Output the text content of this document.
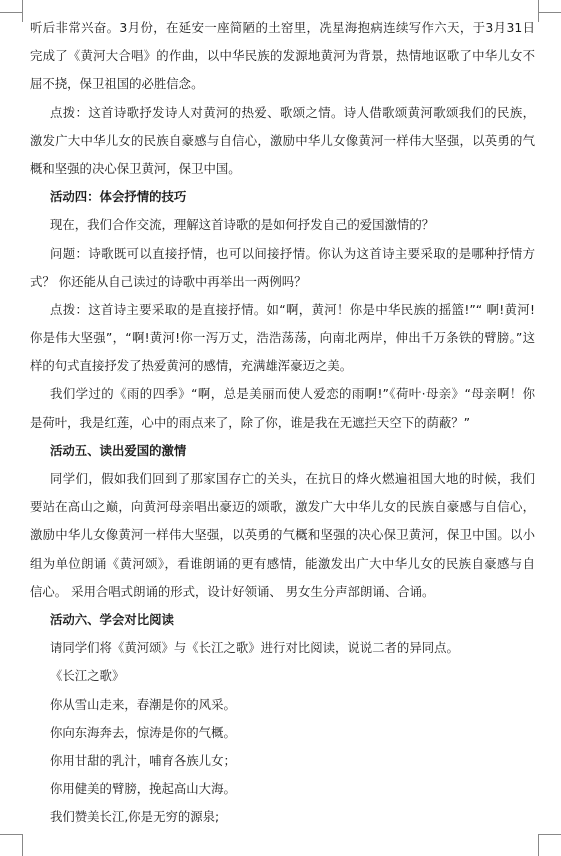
听后非常兴奋。3月份，在延安一座简陋的土窑里，冼星海抱病连续写作六天，于3月31日
完成了《黄河大合唱》的作曲，以中华民族的发源地黄河为背景，热情地讴歌了中华儿女不
屈不挠，保卫祖国的必胜信念。
点拨：这首诗歌抒发诗人对黄河的热爱、歌颂之情。诗人借歌颂黄河歌颂我们的民族，
激发广大中华儿女的民族自豪感与自信心，激励中华儿女像黄河一样伟大坚强，以英勇的气
概和坚强的决心保卫黄河，保卫中国。
活动四：体会抒情的技巧
现在，我们合作交流，理解这首诗歌的是如何抒发自己的爱国激情的？
问题：诗歌既可以直接抒情，也可以间接抒情。你认为这首诗主要采取的是哪种抒情方
式？ 你还能从自己读过的诗歌中再举出一两例吗？
点拨：这首诗主要采取的是直接抒情。如“啊，黄河！你是中华民族的摇篮!”“ 啊!黄河!
你是伟大坚强”，“啊!黄河!你一泻万丈，浩浩荡荡，向南北两岸，伸出千万条铁的臂膀。”这
样的句式直接抒发了热爱黄河的感情，充满雄浑豪迈之美。
我们学过的《雨的四季》“啊，总是美丽而使人爱恋的雨啊!”《荷叶·母亲》“母亲啊！你
是荷叶，我是红莲，心中的雨点来了，除了你，谁是我在无遮拦天空下的荫蔽？”
活动五、读出爱国的激情
同学们，假如我们回到了那家国存亡的关头，在抗日的烽火燃遍祖国大地的时候，我们
要站在高山之巅，向黄河母亲唱出豪迈的颂歌，激发广大中华儿女的民族自豪感与自信心，
激励中华儿女像黄河一样伟大坚强，以英勇的气概和坚强的决心保卫黄河，保卫中国。以小
组为单位朗诵《黄河颂》，看谁朗诵的更有感情，能激发出广大中华儿女的民族自豪感与自
信心。 采用合唱式朗诵的形式，设计好领诵、 男女生分声部朗诵、合诵。
活动六、学会对比阅读
请同学们将《黄河颂》与《长江之歌》进行对比阅读，说说二者的异同点。
《长江之歌》
你从雪山走来，春潮是你的风采。
你向东海奔去，惊涛是你的气概。
你用甘甜的乳汁，哺育各族儿女；
你用健美的臂膀，挽起高山大海。
我们赞美长江,你是无穷的源泉;
